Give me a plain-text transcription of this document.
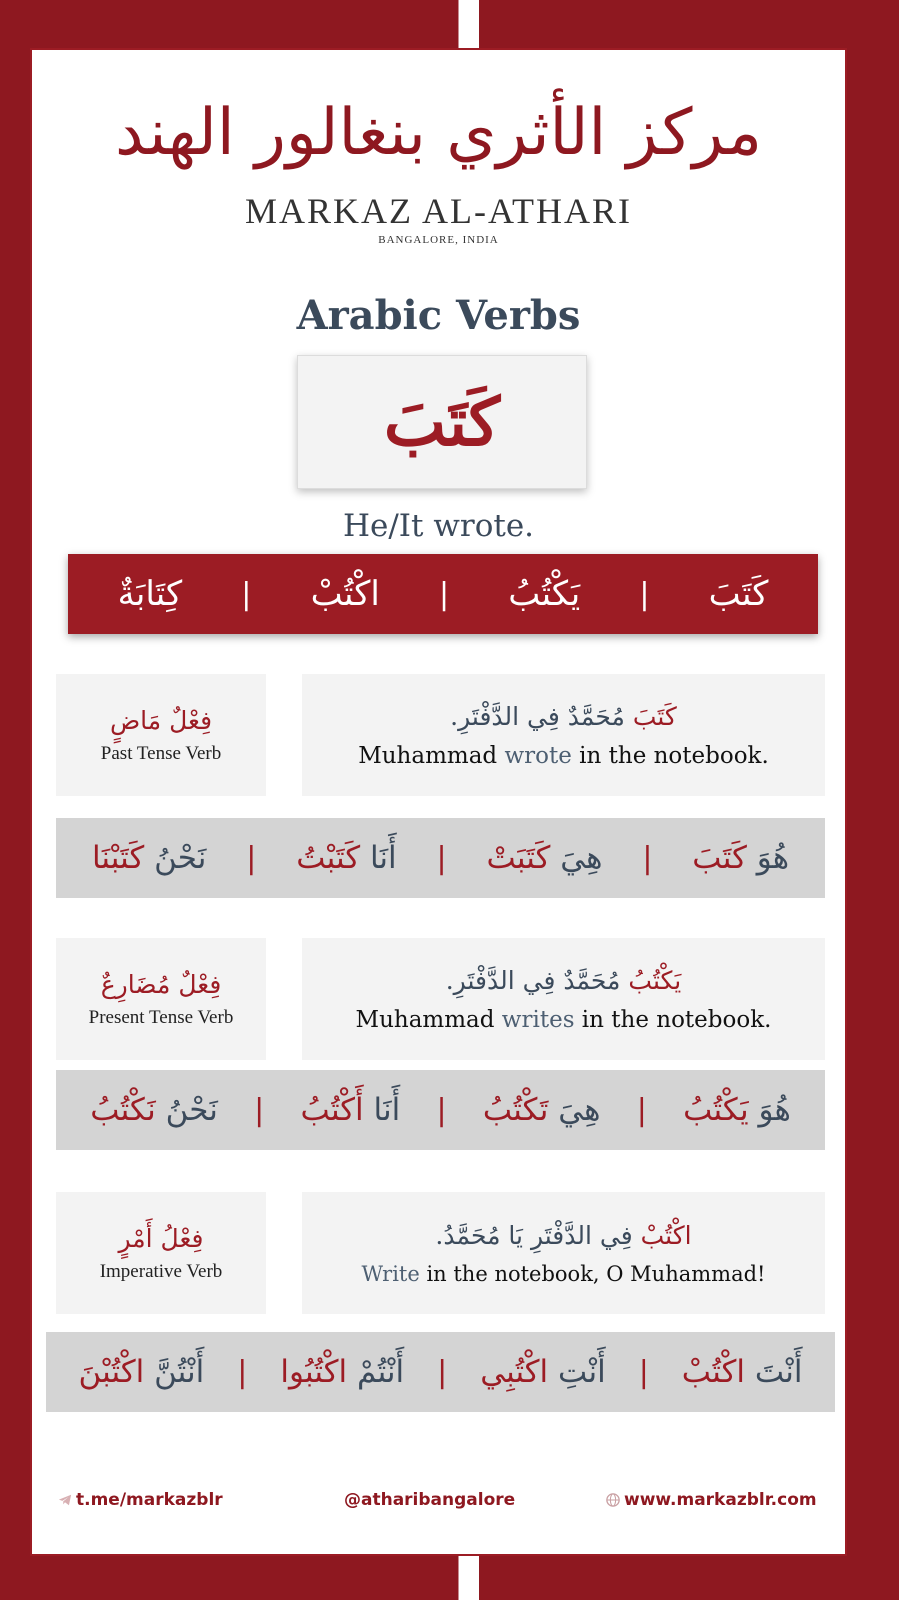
مركز الأثري بنغالور الهند
MARKAZ AL-ATHARI
BANGALORE, INDIA
Arabic Verbs
كَتَبَ
He/It wrote.
كَتَبَ
|
يَكْتُبُ
|
اكْتُبْ
|
كِتَابَةٌ
فِعْلٌ مَاضٍ
Past Tense Verb
كَتَبَ مُحَمَّدٌ فِي الدَّفْتَرِ.
Muhammad wrote in the notebook.
هُوَ كَتَبَ
|
هِيَ كَتَبَتْ
|
أَنَا كَتَبْتُ
|
نَحْنُ كَتَبْنَا
فِعْلٌ مُضَارِعٌ
Present Tense Verb
يَكْتُبُ مُحَمَّدٌ فِي الدَّفْتَرِ.
Muhammad writes in the notebook.
هُوَ يَكْتُبُ
|
هِيَ تَكْتُبُ
|
أَنَا أَكْتُبُ
|
نَحْنُ نَكْتُبُ
فِعْلُ أَمْرٍ
Imperative Verb
اكْتُبْ فِي الدَّفْتَرِ يَا مُحَمَّدُ.
Write in the notebook, O Muhammad!
أَنْتَ اكْتُبْ
|
أَنْتِ اكْتُبِي
|
أَنْتُمْ اكْتُبُوا
|
أَنْتُنَّ اكْتُبْنَ
t.me/markazblr	@atharibangalore	www.markazblr.com
